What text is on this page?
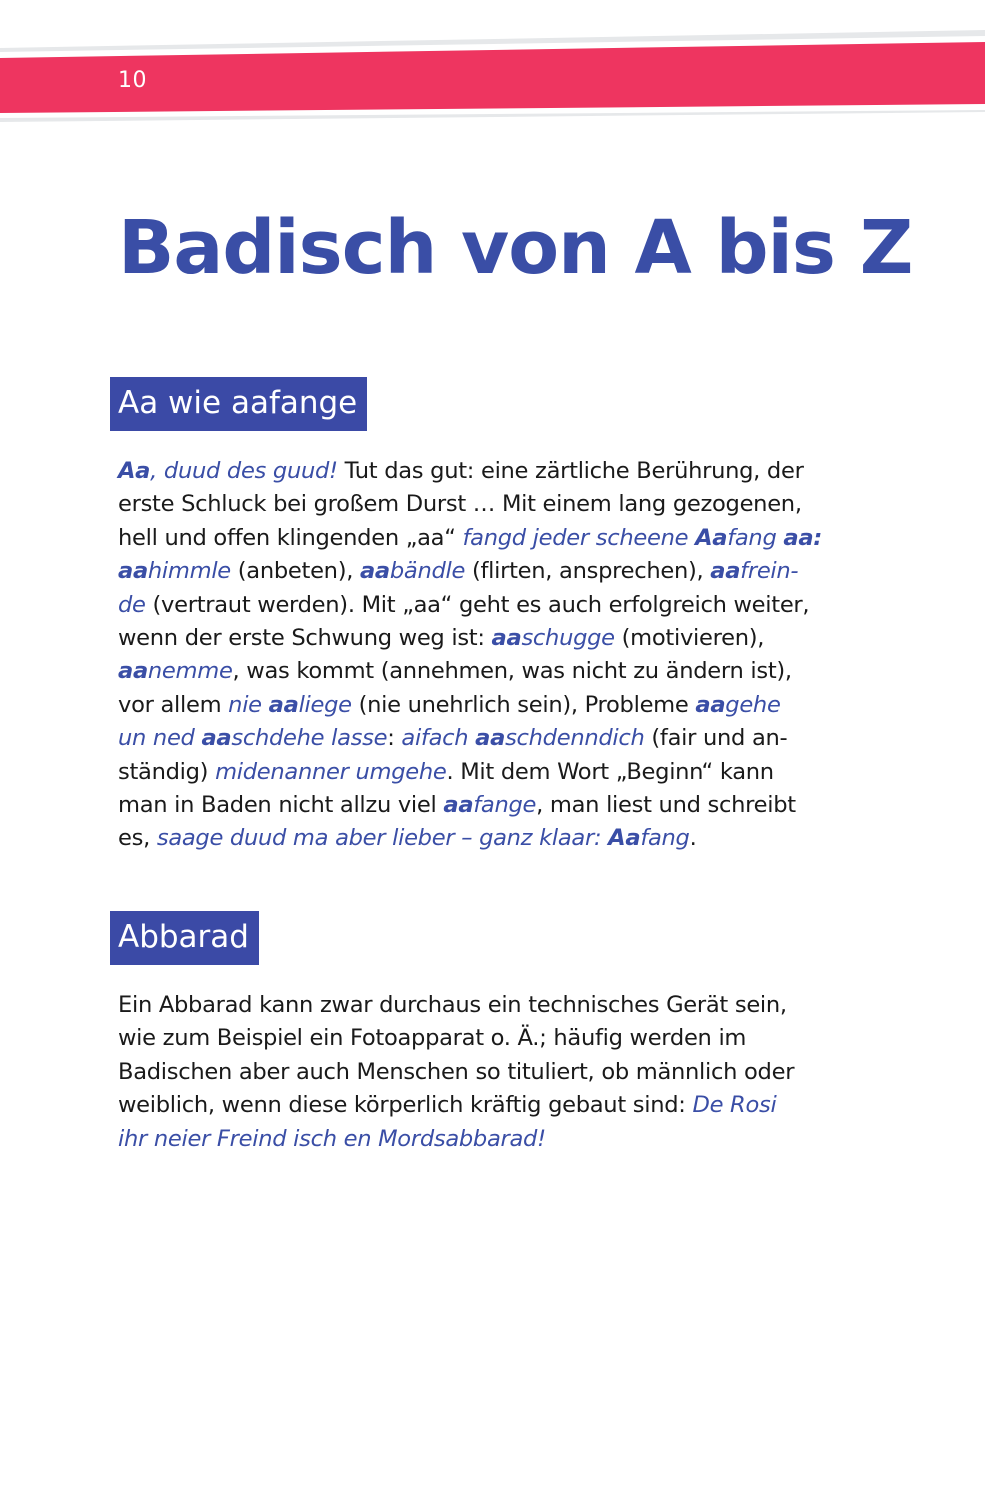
10
Badisch von A bis Z
Aa wie aafange
Aa, duud des guud! Tut das gut: eine zärtliche Berührung, der
erste Schluck bei großem Durst … Mit einem lang gezogenen,
hell und offen klingenden „aa“ fangd jeder scheene Aafang aa:
aahimmle (anbeten), aabändle (flirten, ansprechen), aafrein-
de (vertraut werden). Mit „aa“ geht es auch erfolgreich weiter,
wenn der erste Schwung weg ist: aaschugge (motivieren),
aanemme, was kommt (annehmen, was nicht zu ändern ist),
vor allem nie aaliege (nie unehrlich sein), Probleme aagehe
un ned aaschdehe lasse: aifach aaschdenndich (fair und an-
ständig) midenanner umgehe. Mit dem Wort „Beginn“ kann
man in Baden nicht allzu viel aafange, man liest und schreibt
es, saage duud ma aber lieber – ganz klaar: Aafang.
Abbarad
Ein Abbarad kann zwar durchaus ein technisches Gerät sein,
wie zum Beispiel ein Fotoapparat o. Ä.; häufig werden im
Badischen aber auch Menschen so tituliert, ob männlich oder
weiblich, wenn diese körperlich kräftig gebaut sind: De Rosi
ihr neier Freind isch en Mordsabbarad!
